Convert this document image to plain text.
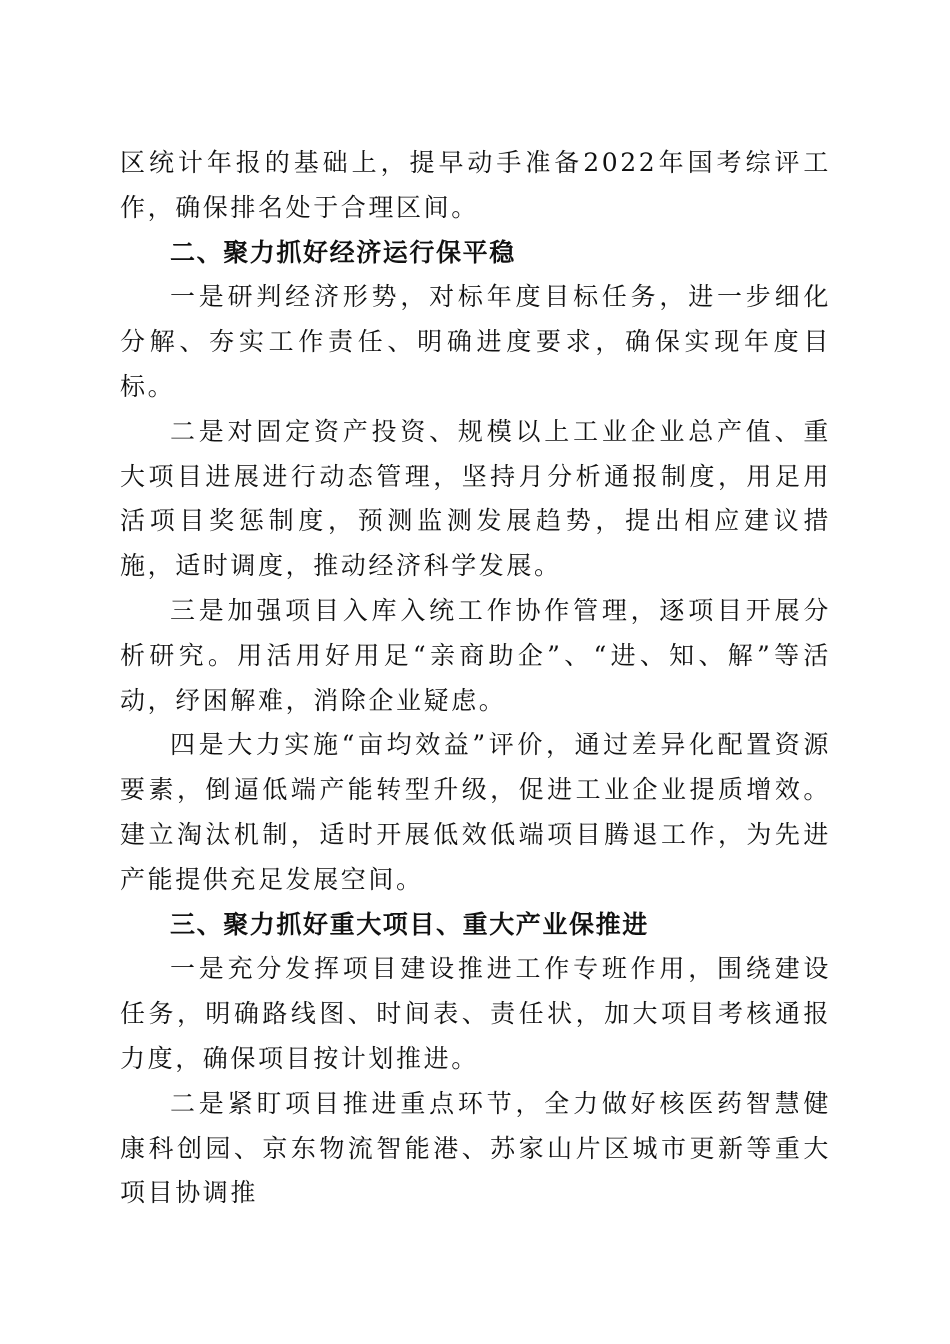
区统计年报的基础上，提早动手准备2022年国考综评工作，确保排名处于合理区间。

二、聚力抓好经济运行保平稳

一是研判经济形势，对标年度目标任务，进一步细化分解、夯实工作责任、明确进度要求，确保实现年度目标。

二是对固定资产投资、规模以上工业企业总产值、重大项目进展进行动态管理，坚持月分析通报制度，用足用活项目奖惩制度，预测监测发展趋势，提出相应建议措施，适时调度，推动经济科学发展。

三是加强项目入库入统工作协作管理，逐项目开展分析研究。用活用好用足“亲商助企”、“进、知、解”等活动，纾困解难，消除企业疑虑。

四是大力实施“亩均效益”评价，通过差异化配置资源要素，倒逼低端产能转型升级，促进工业企业提质增效。建立淘汰机制，适时开展低效低端项目腾退工作，为先进产能提供充足发展空间。

三、聚力抓好重大项目、重大产业保推进

一是充分发挥项目建设推进工作专班作用，围绕建设任务，明确路线图、时间表、责任状，加大项目考核通报力度，确保项目按计划推进。

二是紧盯项目推进重点环节，全力做好核医药智慧健康科创园、京东物流智能港、苏家山片区城市更新等重大项目协调推
